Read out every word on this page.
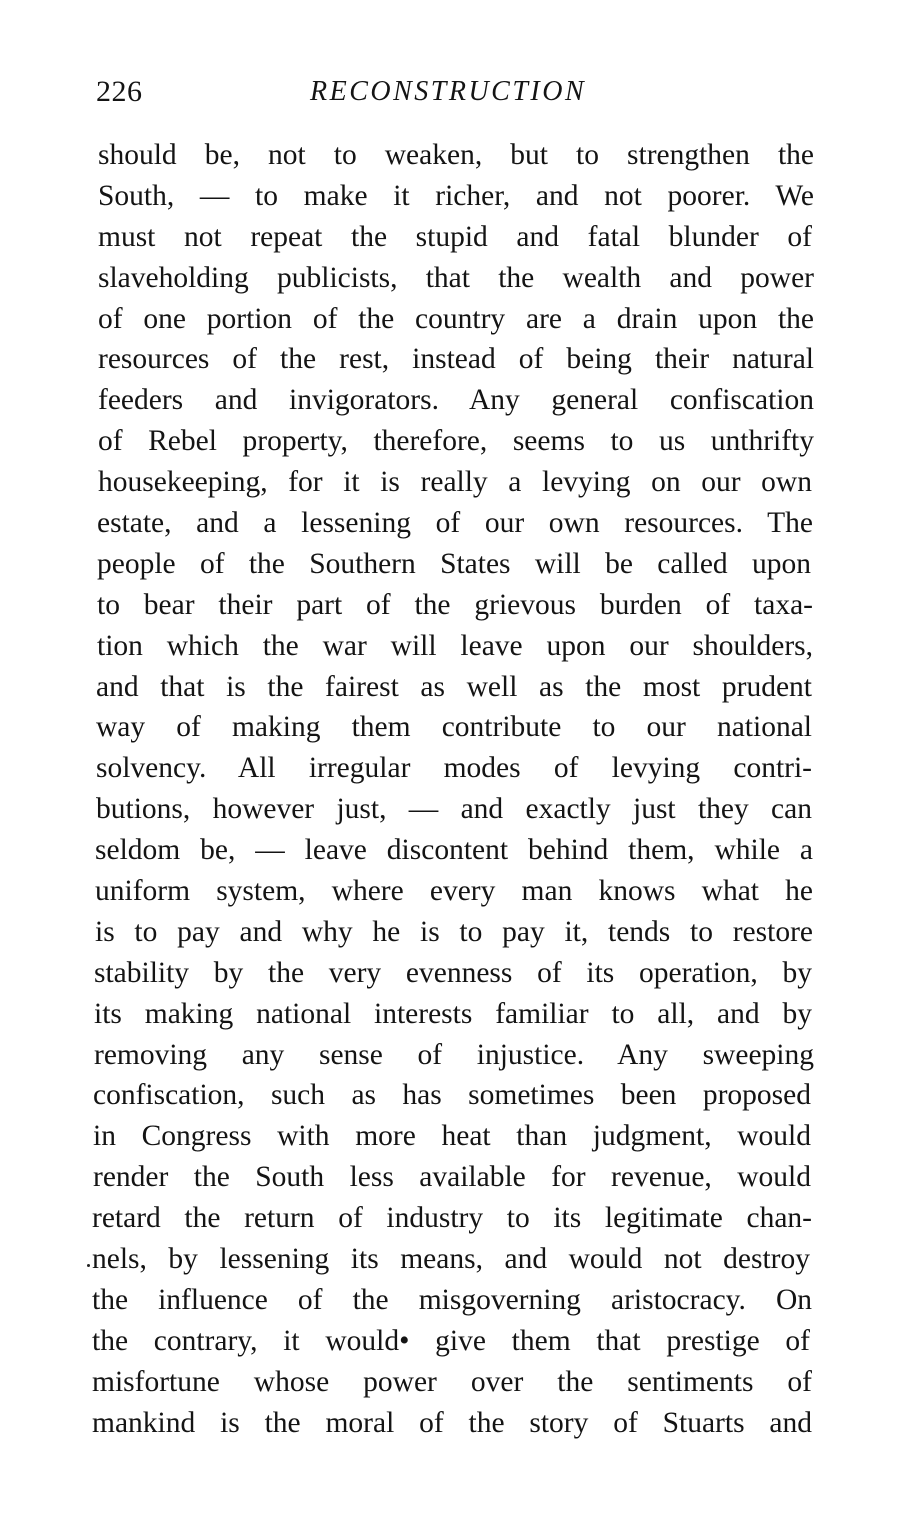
226	RECONSTRUCTION
should be, not to weaken, but to strengthen the
South, — to make it richer, and not poorer. We
must not repeat the stupid and fatal blunder of
slaveholding publicists, that the wealth and power
of one portion of the country are a drain upon the
resources of the rest, instead of being their natural
feeders and invigorators. Any general confiscation
of Rebel property, therefore, seems to us unthrifty
housekeeping, for it is really a levying on our own
estate, and a lessening of our own resources. The
people of the Southern States will be called upon
to bear their part of the grievous burden of taxa-
tion which the war will leave upon our shoulders,
and that is the fairest as well as the most prudent
way of making them contribute to our national
solvency. All irregular modes of levying contri-
butions, however just, — and exactly just they can
seldom be, — leave discontent behind them, while a
uniform system, where every man knows what he
is to pay and why he is to pay it, tends to restore
stability by the very evenness of its operation, by
its making national interests familiar to all, and by
removing any sense of injustice. Any sweeping
confiscation, such as has sometimes been proposed
in Congress with more heat than judgment, would
render the South less available for revenue, would
retard the return of industry to its legitimate chan-
nels, by lessening its means, and would not destroy
the influence of the misgoverning aristocracy. On
the contrary, it would• give them that prestige of
misfortune whose power over the sentiments of
mankind is the moral of the story of Stuarts and
